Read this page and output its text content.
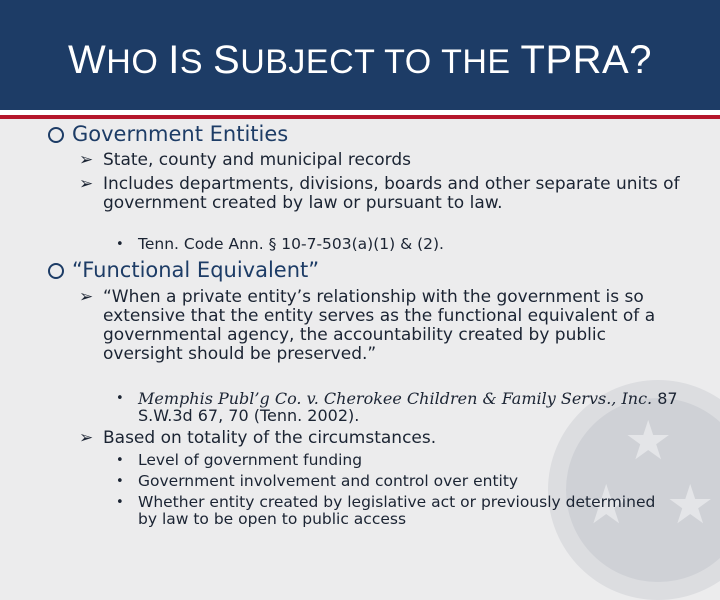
WHO IS SUBJECT TO THE TPRA?
★
★ ★
Government Entities
➢ State, county and municipal records
➢ Includes departments, divisions, boards and other separate units of government created by law or pursuant to law.
• Tenn. Code Ann. § 10-7-503(a)(1) & (2).
“Functional Equivalent”
➢ “When a private entity’s relationship with the government is so extensive that the entity serves as the functional equivalent of a governmental agency, the accountability created by public oversight should be preserved.”
• Memphis Publ’g Co. v. Cherokee Children & Family Servs., Inc. 87 S.W.3d 67, 70 (Tenn. 2002).
➢ Based on totality of the circumstances.
• Level of government funding
• Government involvement and control over entity
• Whether entity created by legislative act or previously determined by law to be open to public access
